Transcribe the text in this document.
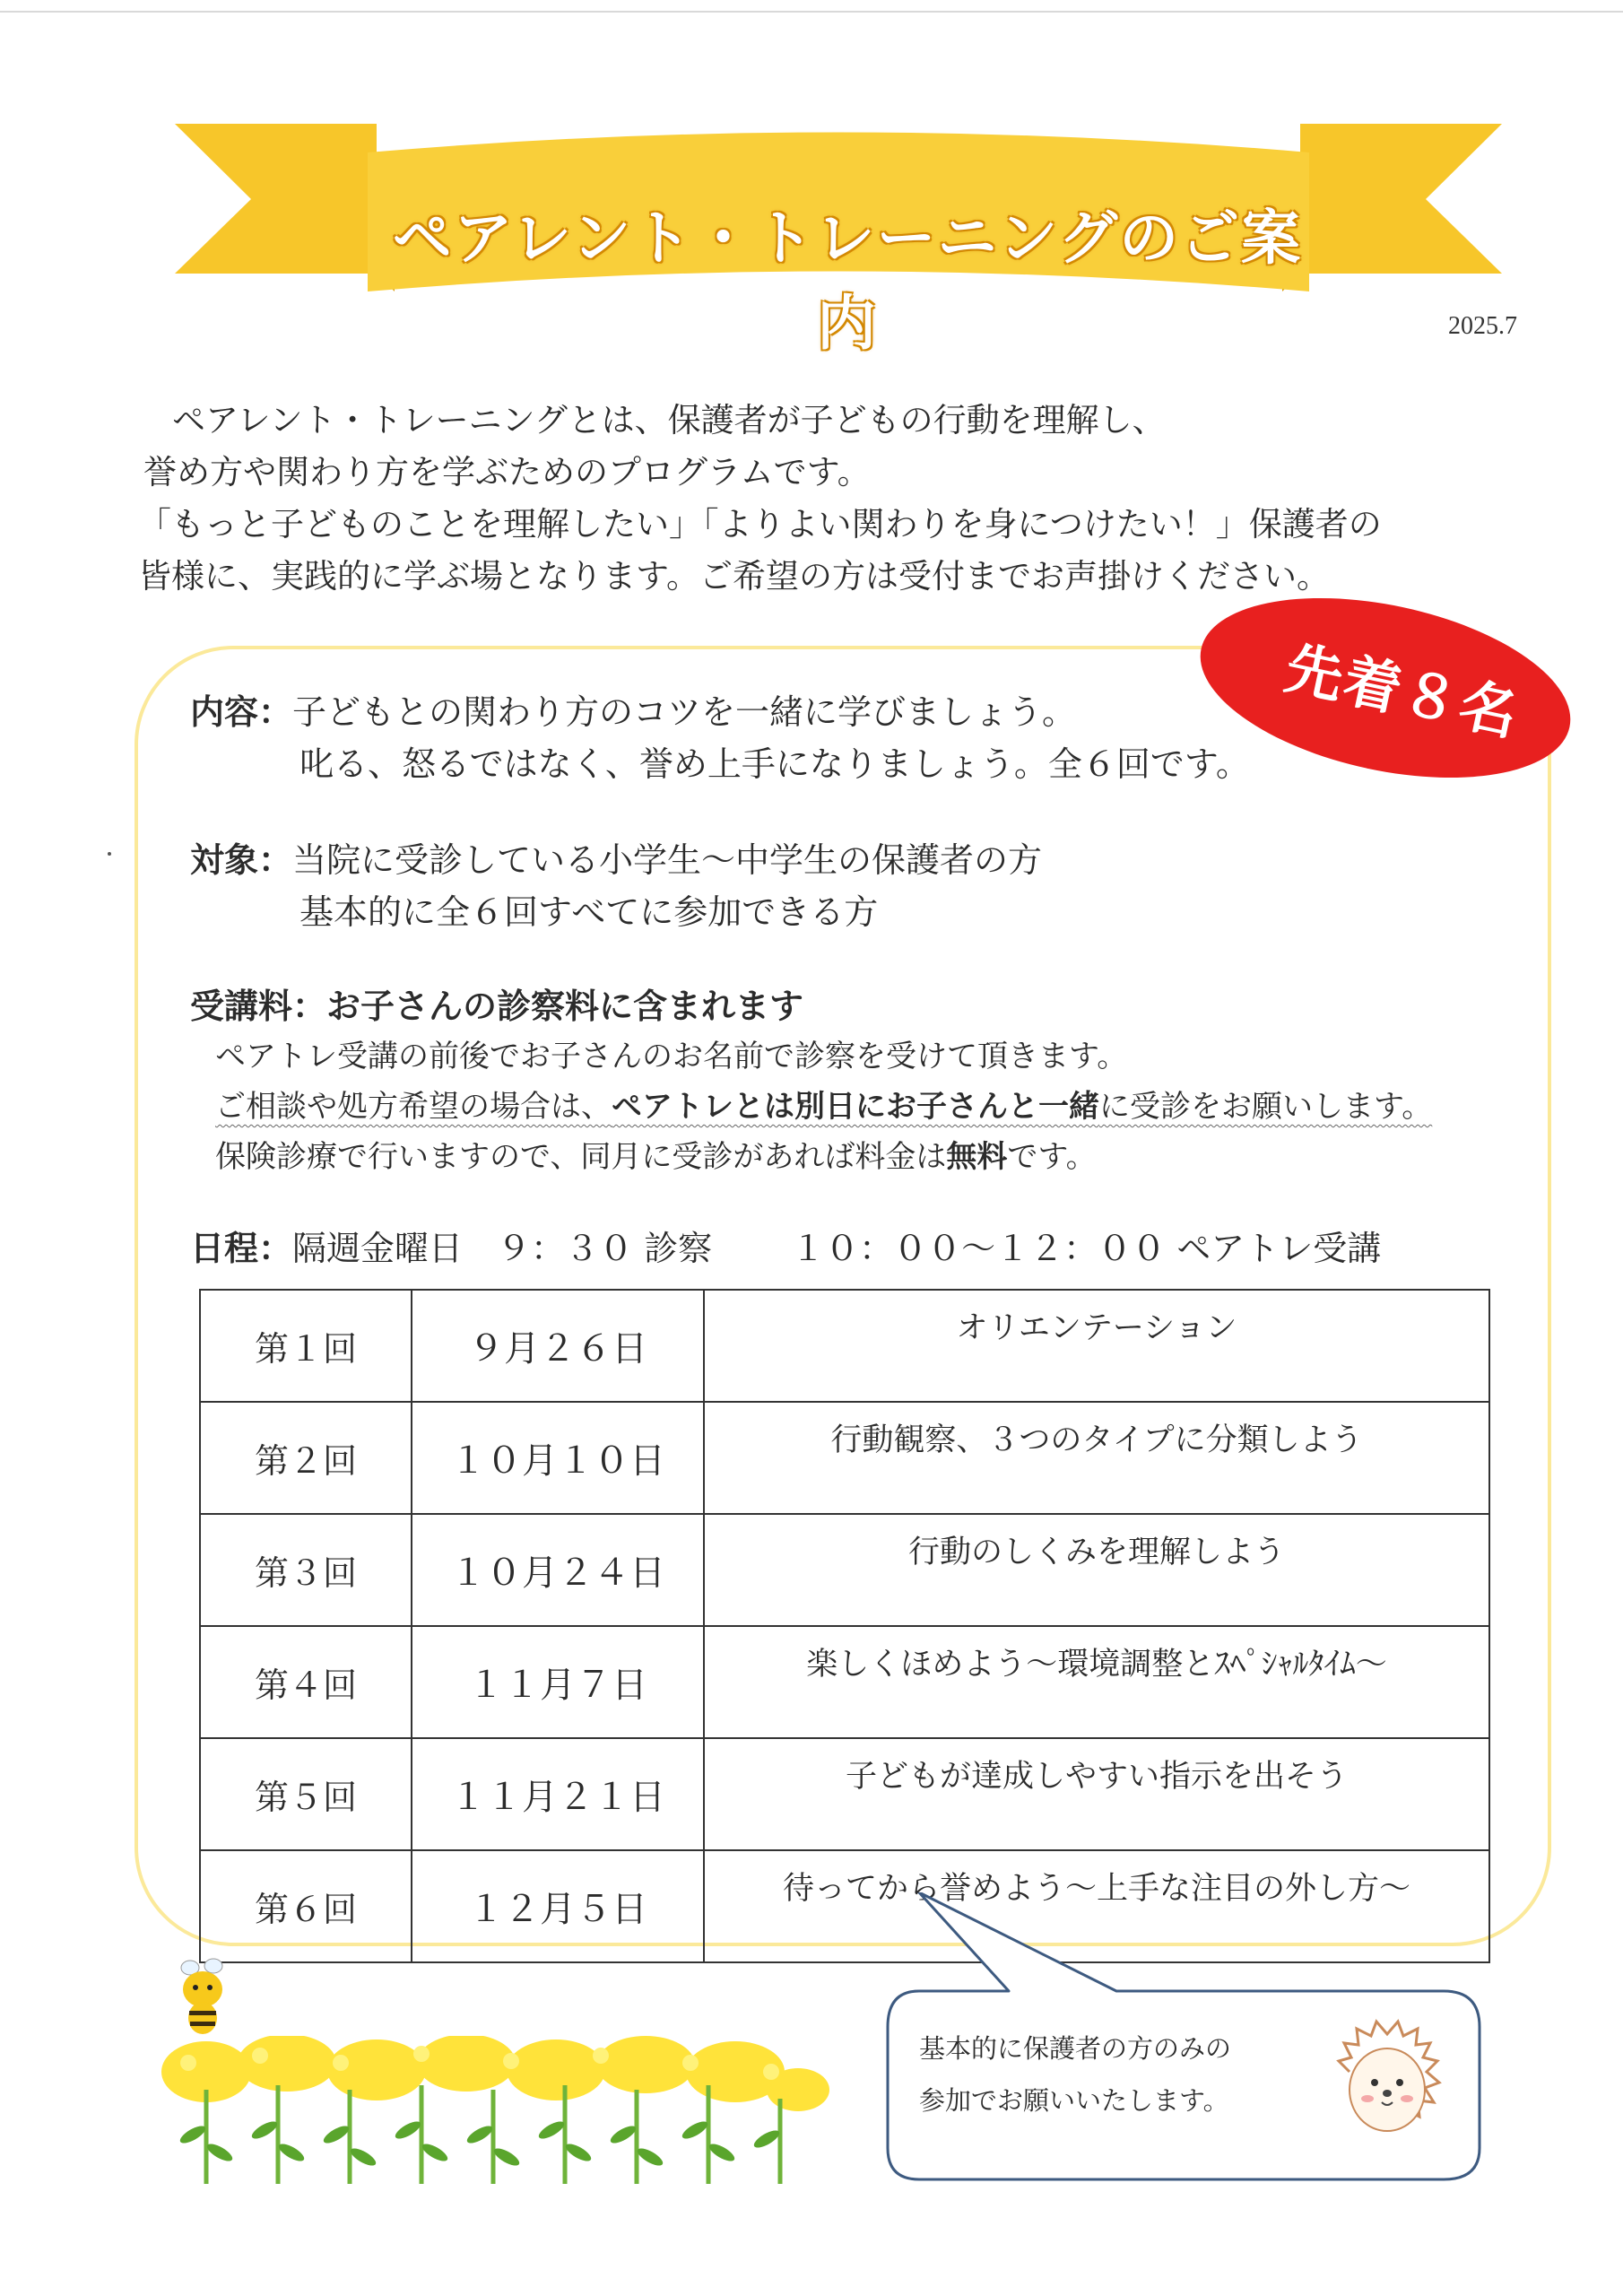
ペアレント・トレーニングのご案内	2025.7
ペアレント・トレーニングとは、保護者が子どもの行動を理解し、
誉め方や関わり方を学ぶためのプログラムです。
「もっと子どものことを理解したい」「よりよい関わりを身につけたい！」保護者の
皆様に、実践的に学ぶ場となります。ご希望の方は受付までお声掛けください。
先着８名
内容：子どもとの関わり方のコツを一緒に学びましょう。
叱る、怒るではなく、誉め上手になりましょう。全６回です。
対象：当院に受診している小学生～中学生の保護者の方
基本的に全６回すべてに参加できる方
受講料：お子さんの診察料に含まれます
ペアトレ受講の前後でお子さんのお名前で診察を受けて頂きます。
ご相談や処方希望の場合は、ペアトレとは別日にお子さんと一緒に受診をお願いします。
保険診療で行いますので、同月に受診があれば料金は無料です。
日程：隔週金曜日　９：３０ 診察　　 １０：００～１２：００ ペアトレ受講
第１回	９月２６日	オリエンテーション
第２回	１０月１０日	行動観察、３つのタイプに分類しよう
第３回	１０月２４日	行動のしくみを理解しよう
第４回	１１月７日	楽しくほめよう～環境調整とｽﾍﾟｼｬﾙﾀｲﾑ～
第５回	１１月２１日	子どもが達成しやすい指示を出そう
第６回	１２月５日	待ってから誉めよう～上手な注目の外し方～
基本的に保護者の方のみの
参加でお願いいたします。
